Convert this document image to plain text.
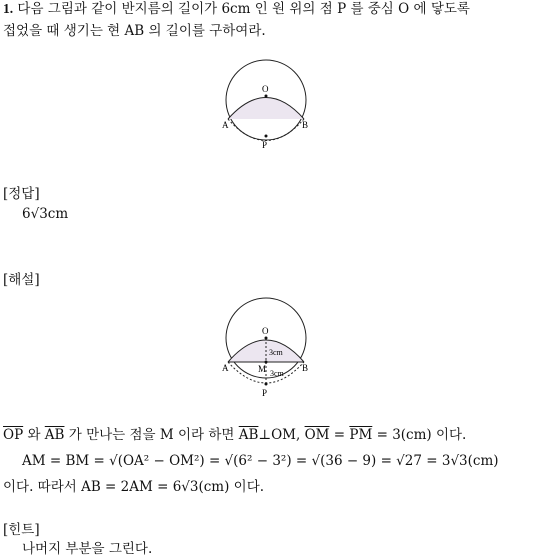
1. 다음 그림과 같이 반지름의 길이가 6cm 인 원 위의 점 P 를 중심 O 에 닿도록
접었을 때 생기는 현 AB 의 길이를 구하여라.
O
A	B
P
[정답]
6√3cm
[해설]
O
3cm
M 3cm
A	B
P
$\overline{OP}$ 와 $\overline{AB}$ 가 만나는 점을 M 이라 하면 $\overline{AB}\perp OM$, $\overline{OM} = \overline{PM} = 3(cm)$ 이다.
AM = BM = √(OA² − OM²) = √(6² − 3²) = √(36 − 9) = √27 = 3√3(cm)
이다. 따라서 AB = 2AM = 6√3(cm) 이다.
[힌트]
나머지 부분을 그린다.
